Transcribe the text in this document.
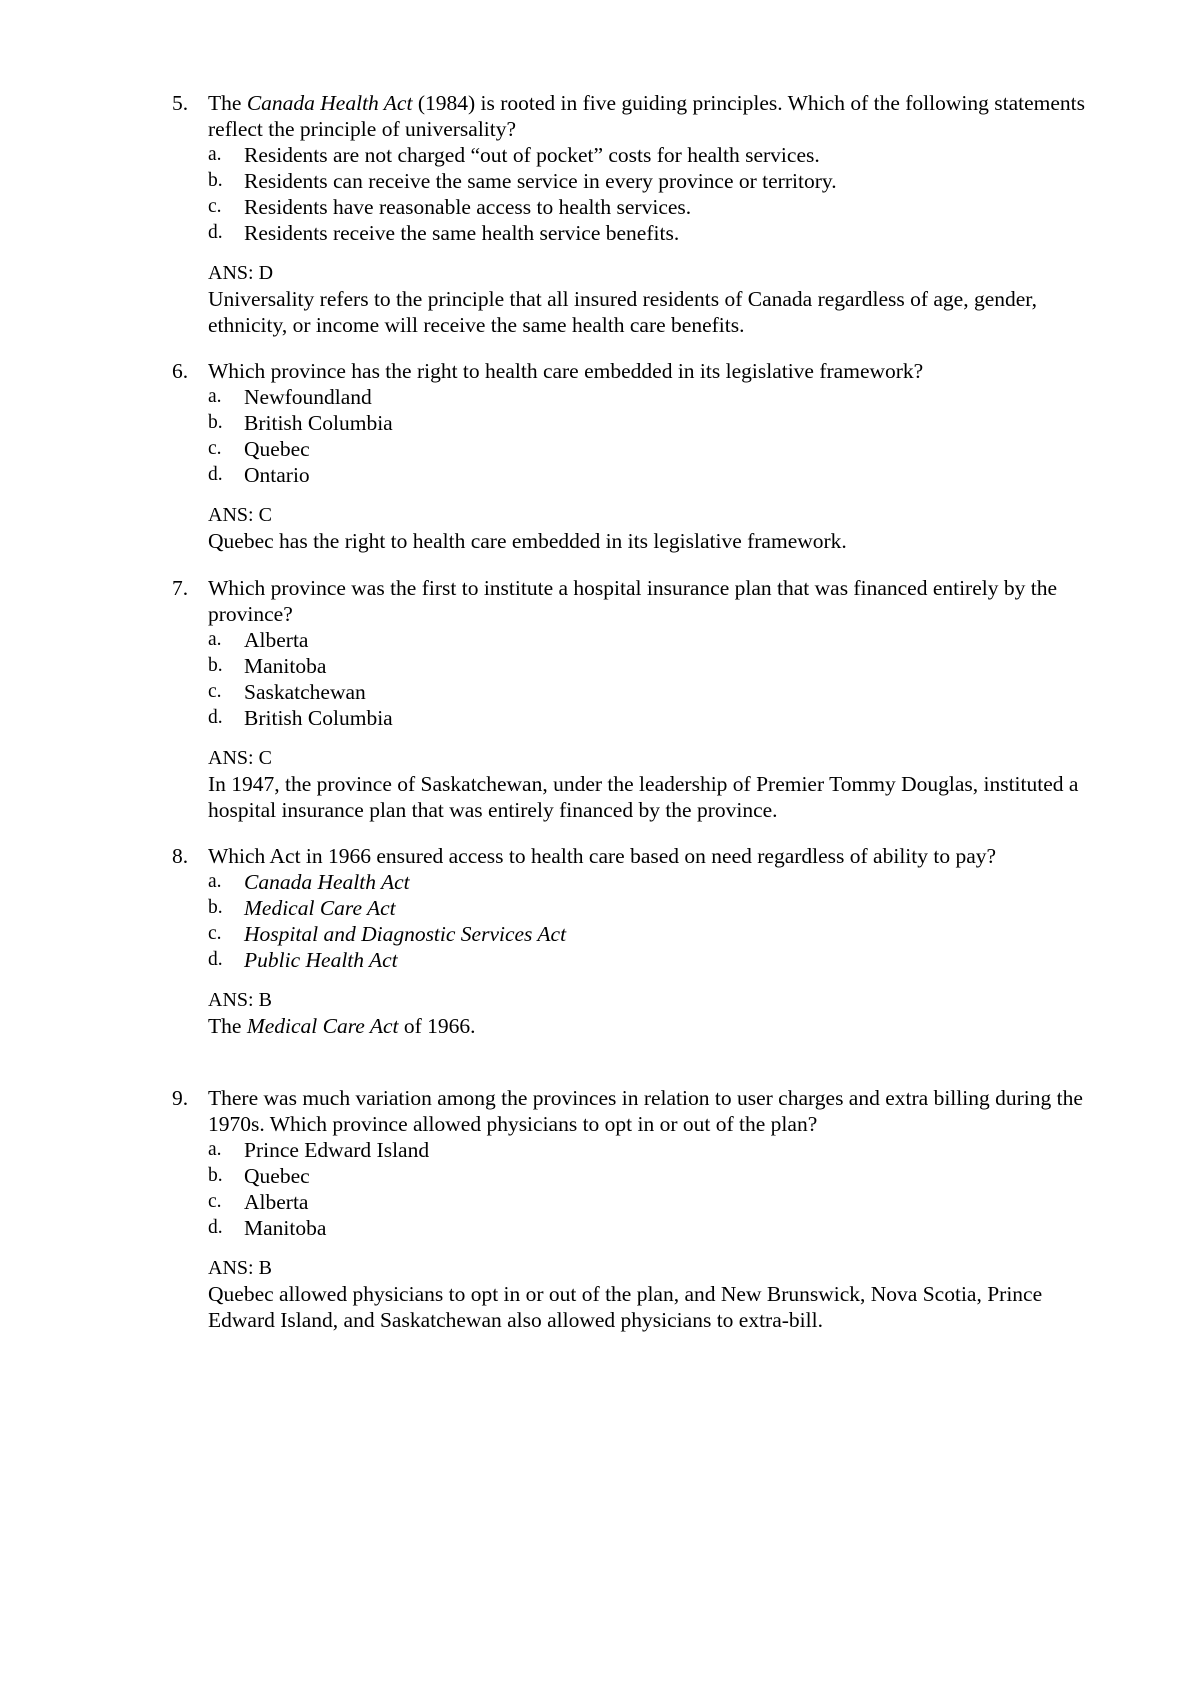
5. The Canada Health Act (1984) is rooted in five guiding principles. Which of the following statements reflect the principle of universality?
a.	Residents are not charged “out of pocket” costs for health services.
b. Residents can receive the same service in every province or territory.
c.	Residents have reasonable access to health services.
d. Residents receive the same health service benefits.
ANS: D
Universality refers to the principle that all insured residents of Canada regardless of age, gender, ethnicity, or income will receive the same health care benefits.
6. Which province has the right to health care embedded in its legislative framework?
a.	Newfoundland
b. British Columbia
c.	Quebec
d. Ontario
ANS: C
Quebec has the right to health care embedded in its legislative framework.
7. Which province was the first to institute a hospital insurance plan that was financed entirely by the province?
a.	Alberta
b. Manitoba
c.	Saskatchewan
d. British Columbia
ANS: C
In 1947, the province of Saskatchewan, under the leadership of Premier Tommy Douglas, instituted a hospital insurance plan that was entirely financed by the province.
8. Which Act in 1966 ensured access to health care based on need regardless of ability to pay?
a.	Canada Health Act
b. Medical Care Act
c.	Hospital and Diagnostic Services Act
d. Public Health Act
ANS: B
The Medical Care Act of 1966.
9. There was much variation among the provinces in relation to user charges and extra billing during the 1970s. Which province allowed physicians to opt in or out of the plan?
a.	Prince Edward Island
b. Quebec
c.	Alberta
d. Manitoba
ANS: B
Quebec allowed physicians to opt in or out of the plan, and New Brunswick, Nova Scotia, Prince Edward Island, and Saskatchewan also allowed physicians to extra-bill.
